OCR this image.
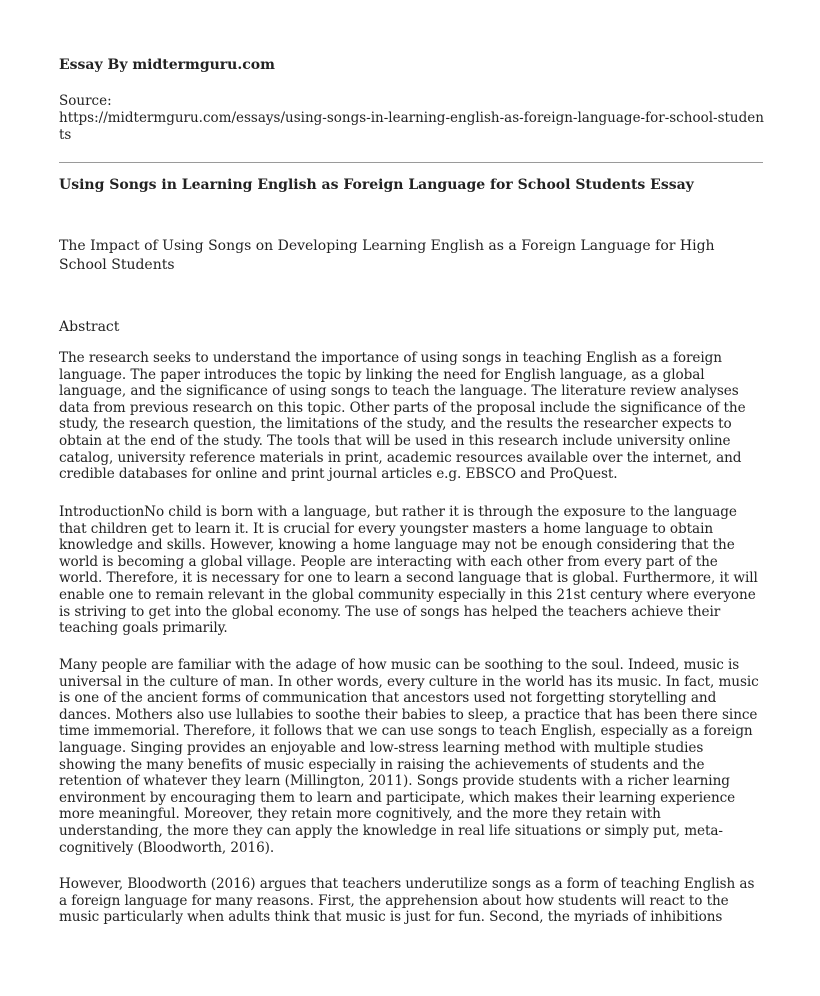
Essay By midtermguru.com
Source:
https://midtermguru.com/essays/using-songs-in-learning-english-as-foreign-language-for-school-students
Using Songs in Learning English as Foreign Language for School Students Essay
The Impact of Using Songs on Developing Learning English as a Foreign Language for High School Students
Abstract

The research seeks to understand the importance of using songs in teaching English as a foreign language. The paper introduces the topic by linking the need for English language, as a global language, and the significance of using songs to teach the language. The literature review analyses data from previous research on this topic. Other parts of the proposal include the significance of the study, the research question, the limitations of the study, and the results the researcher expects to obtain at the end of the study. The tools that will be used in this research include university online catalog, university reference materials in print, academic resources available over the internet, and credible databases for online and print journal articles e.g. EBSCO and ProQuest.

IntroductionNo child is born with a language, but rather it is through the exposure to the language that children get to learn it. It is crucial for every youngster masters a home language to obtain knowledge and skills. However, knowing a home language may not be enough considering that the world is becoming a global village. People are interacting with each other from every part of the world. Therefore, it is necessary for one to learn a second language that is global. Furthermore, it will enable one to remain relevant in the global community especially in this 21st century where everyone is striving to get into the global economy. The use of songs has helped the teachers achieve their teaching goals primarily.

Many people are familiar with the adage of how music can be soothing to the soul. Indeed, music is universal in the culture of man. In other words, every culture in the world has its music. In fact, music is one of the ancient forms of communication that ancestors used not forgetting storytelling and dances. Mothers also use lullabies to soothe their babies to sleep, a practice that has been there since time immemorial. Therefore, it follows that we can use songs to teach English, especially as a foreign language. Singing provides an enjoyable and low-stress learning method with multiple studies showing the many benefits of music especially in raising the achievements of students and the retention of whatever they learn (Millington, 2011). Songs provide students with a richer learning environment by encouraging them to learn and participate, which makes their learning experience more meaningful. Moreover, they retain more cognitively, and the more they retain with understanding, the more they can apply the knowledge in real life situations or simply put, meta-cognitively (Bloodworth, 2016).

However, Bloodworth (2016) argues that teachers underutilize songs as a form of teaching English as a foreign language for many reasons. First, the apprehension about how students will react to the music particularly when adults think that music is just for fun. Second, the myriads of inhibitions
